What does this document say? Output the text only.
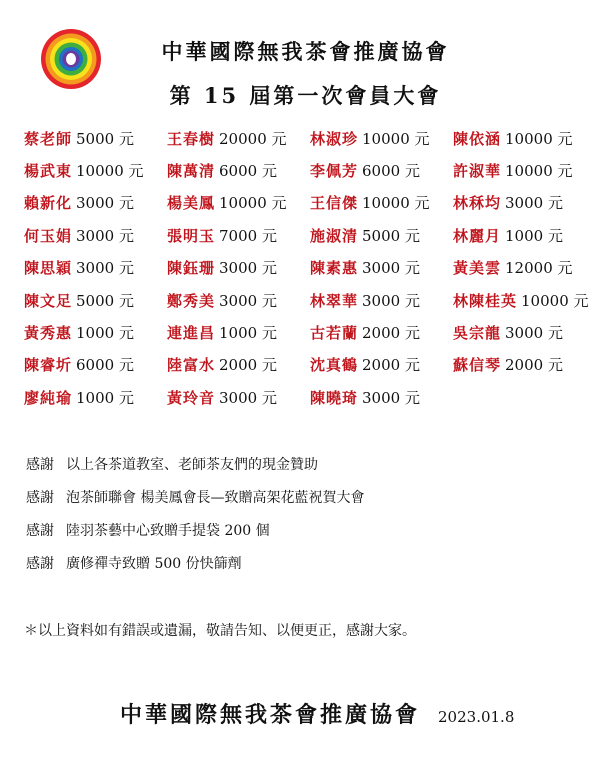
中華國際無我茶會推廣協會
第 15 屆第一次會員大會
蔡老師 5000 元 王春樹 20000 元 林淑珍 10000 元 陳依涵 10000 元
楊武東 10000 元 陳萬清 6000 元 李佩芳 6000 元 許淑華 10000 元
賴新化 3000 元 楊美鳳 10000 元 王信傑 10000 元 林秝均 3000 元
何玉娟 3000 元 張明玉 7000 元 施淑清 5000 元 林麗月 1000 元
陳思穎 3000 元 陳鈺珊 3000 元 陳素惠 3000 元 黃美雲 12000 元
陳文足 5000 元 鄭秀美 3000 元 林翠華 3000 元 林陳桂英 10000 元
黃秀惠 1000 元 連進昌 1000 元 古若蘭 2000 元 吳宗龍 3000 元
陳睿圻 6000 元 陸富水 2000 元 沈真鶴 2000 元 蘇信琴 2000 元
廖純瑜 1000 元 黃玲音 3000 元 陳曉琦 3000 元
感謝 以上各茶道教室、老師茶友們的現金贊助
感謝 泡茶師聯會 楊美鳳會長—致贈高架花藍祝賀大會
感謝 陸羽茶藝中心致贈手提袋 200 個
感謝 廣修禪寺致贈 500 份快篩劑
＊以上資料如有錯誤或遺漏，敬請告知、以便更正，感謝大家。
中華國際無我茶會推廣協會 2023.01.8
